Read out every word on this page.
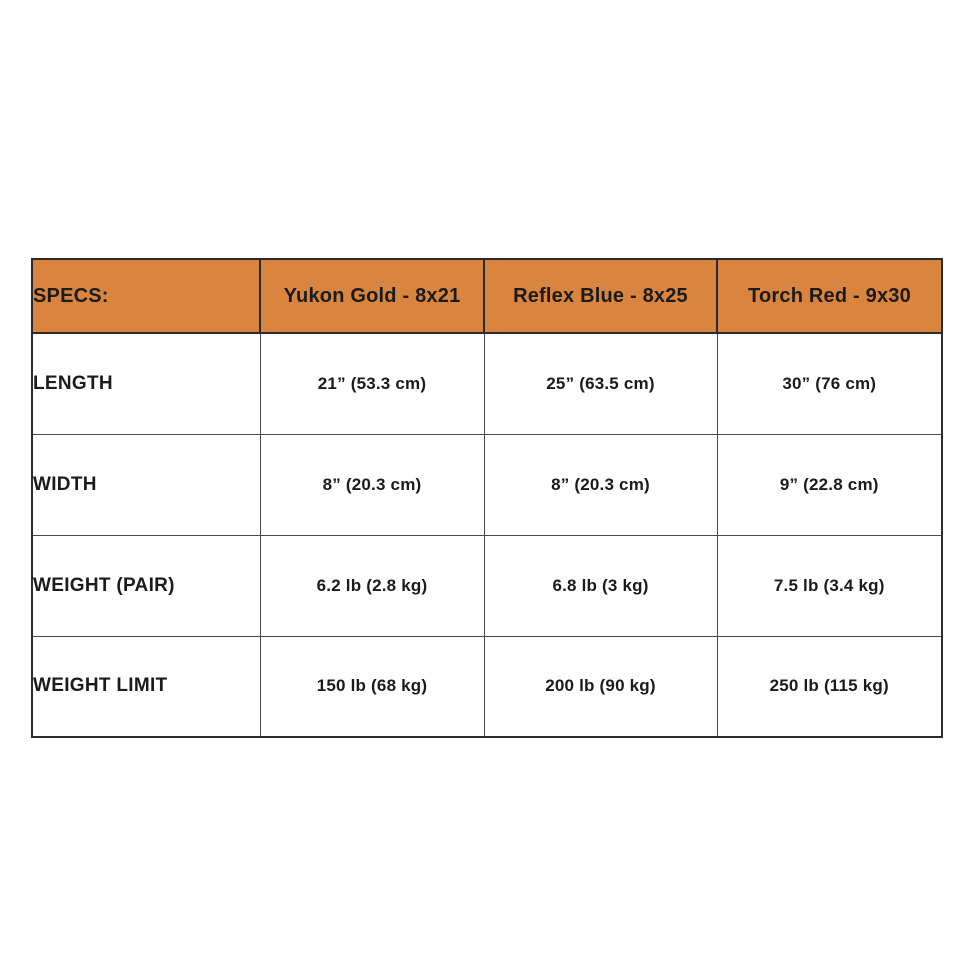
SPECS:	Yukon Gold - 8x21	Reflex Blue - 8x25	Torch Red - 9x30
LENGTH	21” (53.3 cm)	25” (63.5 cm)	30” (76 cm)
WIDTH	8” (20.3 cm)	8” (20.3 cm)	9” (22.8 cm)
WEIGHT (PAIR)	6.2 lb (2.8 kg)	6.8 lb (3 kg)	7.5 lb (3.4 kg)
WEIGHT LIMIT	150 lb (68 kg)	200 lb (90 kg)	250 lb (115 kg)
